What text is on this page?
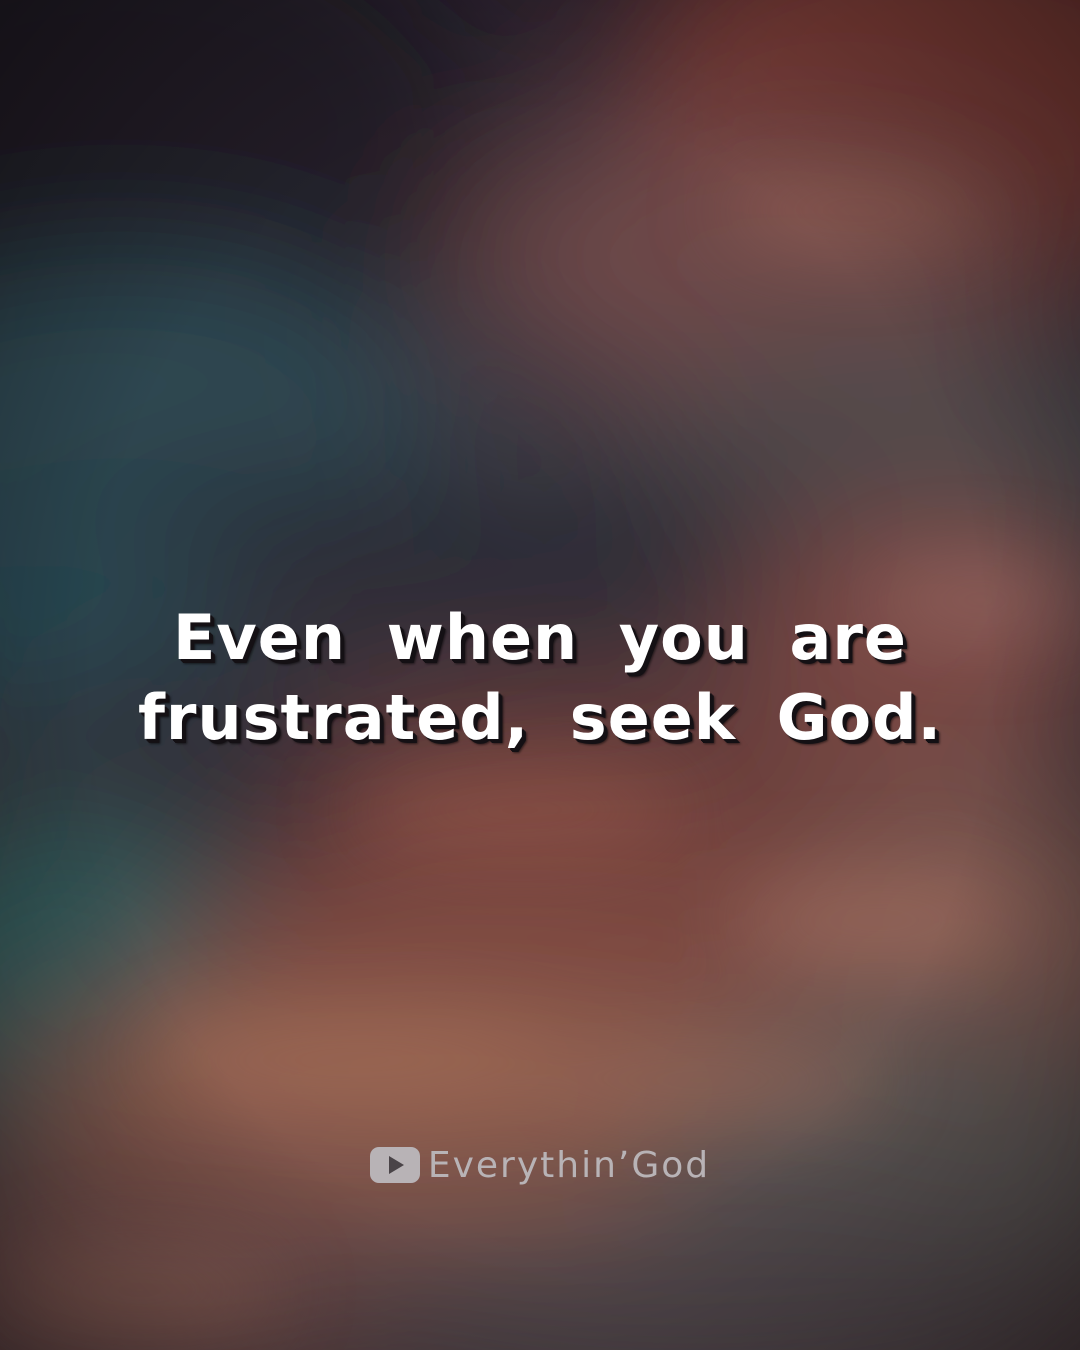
Even when you are
frustrated, seek God.
Everythin’God
